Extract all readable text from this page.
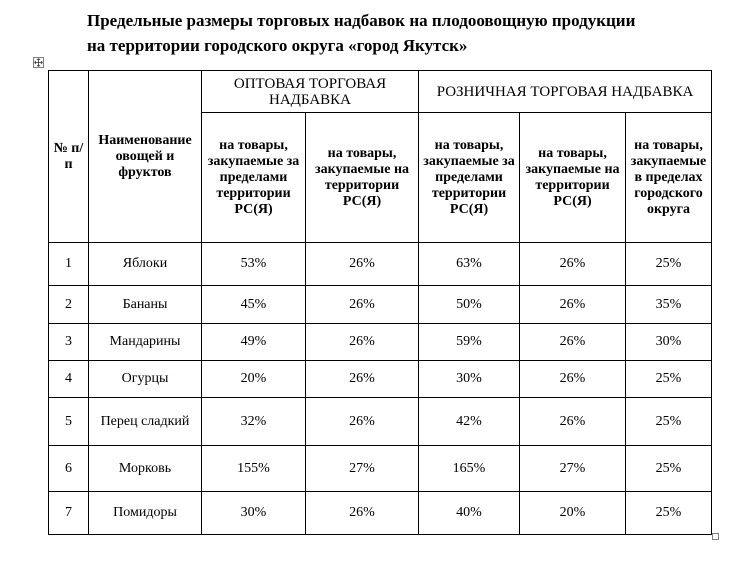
Предельные размеры торговых надбавок на плодоовощную продукции
на территории городского округа «город Якутск»
№ п/п	Наименование овощей и фруктов	ОПТОВАЯ ТОРГОВАЯ НАДБАВКА		РОЗНИЧНАЯ ТОРГОВАЯ НАДБАВКА		
		на товары, закупаемые за пределами территории РС(Я)	на товары, закупаемые на территории РС(Я)	на товары, закупаемые за пределами территории РС(Я)	на товары, закупаемые на территории РС(Я)	на товары, закупаемые в пределах городского округа
1	Яблоки	53%	26%	63%	26%	25%
2	Бананы	45%	26%	50%	26%	35%
3	Мандарины	49%	26%	59%	26%	30%
4	Огурцы	20%	26%	30%	26%	25%
5	Перец сладкий	32%	26%	42%	26%	25%
6	Морковь	155%	27%	165%	27%	25%
7	Помидоры	30%	26%	40%	20%	25%
